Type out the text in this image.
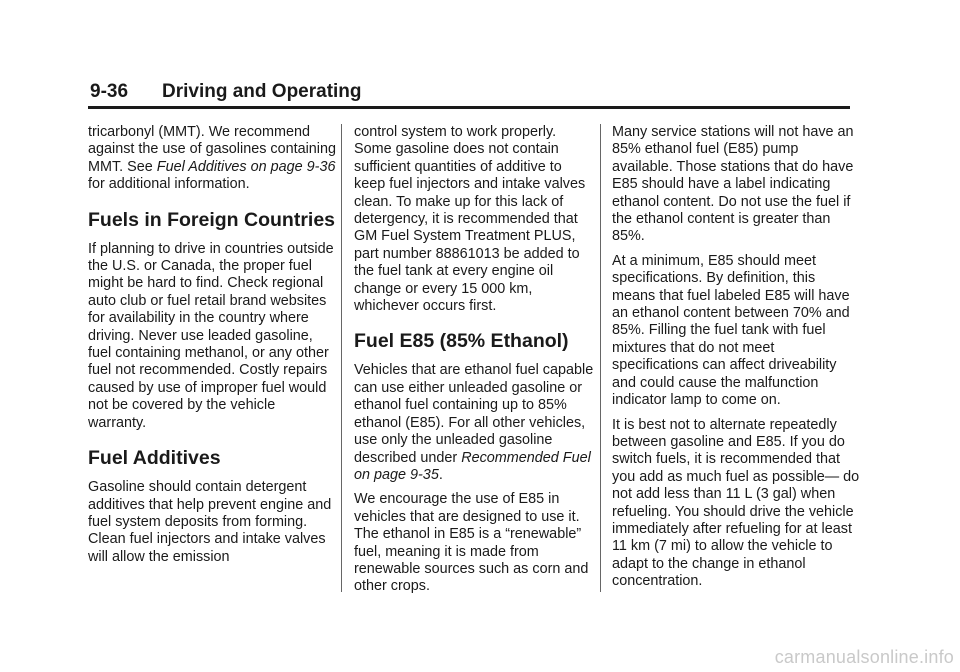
9-36 Driving and Operating

tricarbonyl (MMT). We recommend against the use of gasolines containing MMT. See Fuel Additives on page 9-36 for additional information.

Fuels in Foreign Countries

If planning to drive in countries outside the U.S. or Canada, the proper fuel might be hard to find. Check regional auto club or fuel retail brand websites for availability in the country where driving. Never use leaded gasoline, fuel containing methanol, or any other fuel not recommended. Costly repairs caused by use of improper fuel would not be covered by the vehicle warranty.

Fuel Additives

Gasoline should contain detergent additives that help prevent engine and fuel system deposits from forming. Clean fuel injectors and intake valves will allow the emission

control system to work properly. Some gasoline does not contain sufficient quantities of additive to keep fuel injectors and intake valves clean. To make up for this lack of detergency, it is recommended that GM Fuel System Treatment PLUS, part number 88861013 be added to the fuel tank at every engine oil change or every 15 000 km, whichever occurs first.

Fuel E85 (85% Ethanol)

Vehicles that are ethanol fuel capable can use either unleaded gasoline or ethanol fuel containing up to 85% ethanol (E85). For all other vehicles, use only the unleaded gasoline described under Recommended Fuel on page 9-35.

We encourage the use of E85 in vehicles that are designed to use it. The ethanol in E85 is a “renewable” fuel, meaning it is made from renewable sources such as corn and other crops.

Many service stations will not have an 85% ethanol fuel (E85) pump available. Those stations that do have E85 should have a label indicating ethanol content. Do not use the fuel if the ethanol content is greater than 85%.

At a minimum, E85 should meet specifications. By definition, this means that fuel labeled E85 will have an ethanol content between 70% and 85%. Filling the fuel tank with fuel mixtures that do not meet specifications can affect driveability and could cause the malfunction indicator lamp to come on.

It is best not to alternate repeatedly between gasoline and E85. If you do switch fuels, it is recommended that you add as much fuel as possible— do not add less than 11 L (3 gal) when refueling. You should drive the vehicle immediately after refueling for at least 11 km (7 mi) to allow the vehicle to adapt to the change in ethanol concentration.

carmanualsonline.info
